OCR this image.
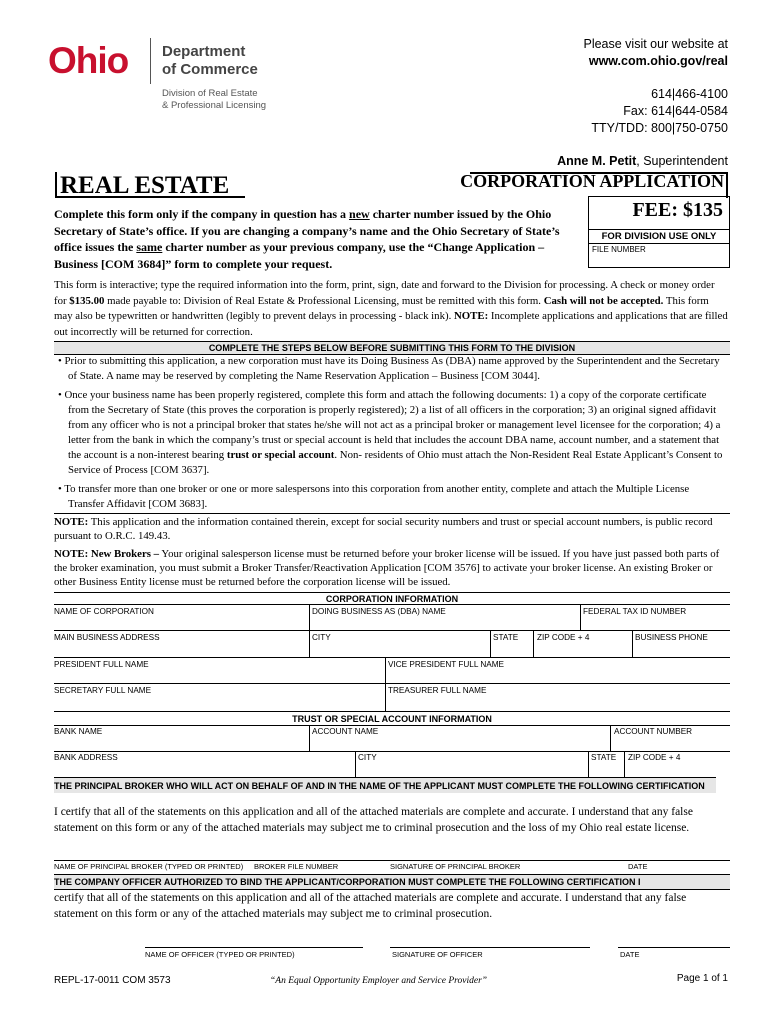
Ohio Department
of Commerce
Division of Real Estate
& Professional Licensing
Please visit our website at
www.com.ohio.gov/real
614|466-4100
Fax: 614|644-0584
TTY/TDD: 800|750-0750
Anne M. Petit, Superintendent
REAL ESTATE	CORPORATION APPLICATION
Complete this form only if the company in question has a new charter number issued by the Ohio Secretary of State’s office. If you are changing a company’s name and the Ohio Secretary of State’s office issues the same charter number as your previous company, use the “Change Application – Business [COM 3684]” form to complete your request.
FEE: $135
FOR DIVISION USE ONLY
FILE NUMBER
This form is interactive; type the required information into the form, print, sign, date and forward to the Division for processing. A check or money order for $135.00 made payable to: Division of Real Estate & Professional Licensing, must be remitted with this form. Cash will not be accepted. This form may also be typewritten or handwritten (legibly to prevent delays in processing - black ink). NOTE: Incomplete applications and applications that are filled out incorrectly will be returned for correction.
COMPLETE THE STEPS BELOW BEFORE SUBMITTING THIS FORM TO THE DIVISION
• Prior to submitting this application, a new corporation must have its Doing Business As (DBA) name approved by the Superintendent and the Secretary of State. A name may be reserved by completing the Name Reservation Application – Business [COM 3044].
• Once your business name has been properly registered, complete this form and attach the following documents: 1) a copy of the corporate certificate from the Secretary of State (this proves the corporation is properly registered); 2) a list of all officers in the corporation; 3) an original signed affidavit from any officer who is not a principal broker that states he/she will not act as a principal broker or management level licensee for the corporation; 4) a letter from the bank in which the company’s trust or special account is held that includes the account DBA name, account number, and a statement that the account is a non-interest bearing trust or special account. Non- residents of Ohio must attach the Non-Resident Real Estate Applicant’s Consent to Service of Process [COM 3637].
• To transfer more than one broker or one or more salespersons into this corporation from another entity, complete and attach the Multiple License Transfer Affidavit [COM 3683].
NOTE: This application and the information contained therein, except for social security numbers and trust or special account numbers, is public record pursuant to O.R.C. 149.43.
NOTE: New Brokers – Your original salesperson license must be returned before your broker license will be issued. If you have just passed both parts of the broker examination, you must submit a Broker Transfer/Reactivation Application [COM 3576] to activate your broker license. An existing Broker or other Business Entity license must be returned before the corporation license will be issued.
CORPORATION INFORMATION
NAME OF CORPORATION	DOING BUSINESS AS (DBA) NAME	FEDERAL TAX ID NUMBER
MAIN BUSINESS ADDRESS	CITY	STATE ZIP CODE + 4	BUSINESS PHONE
PRESIDENT FULL NAME	VICE PRESIDENT FULL NAME
SECRETARY FULL NAME	TREASURER FULL NAME
TRUST OR SPECIAL ACCOUNT INFORMATION
BANK NAME	ACCOUNT NAME	ACCOUNT NUMBER
BANK ADDRESS	CITY	STATE ZIP CODE + 4
THE PRINCIPAL BROKER WHO WILL ACT ON BEHALF OF AND IN THE NAME OF THE APPLICANT MUST COMPLETE THE FOLLOWING CERTIFICATION
I certify that all of the statements on this application and all of the attached materials are complete and accurate. I understand that any false statement on this form or any of the attached materials may subject me to criminal prosecution and the loss of my Ohio real estate license.
NAME OF PRINCIPAL BROKER (TYPED OR PRINTED) BROKER FILE NUMBER	SIGNATURE OF PRINCIPAL BROKER	DATE
THE COMPANY OFFICER AUTHORIZED TO BIND THE APPLICANT/CORPORATION MUST COMPLETE THE FOLLOWING CERTIFICATION I
certify that all of the statements on this application and all of the attached materials are complete and accurate. I understand that any false statement on this form or any of the attached materials may subject me to criminal prosecution.
NAME OF OFFICER (TYPED OR PRINTED)	SIGNATURE OF OFFICER	DATE
REPL-17-0011 COM 3573	“An Equal Opportunity Employer and Service Provider”	Page 1 of 1
